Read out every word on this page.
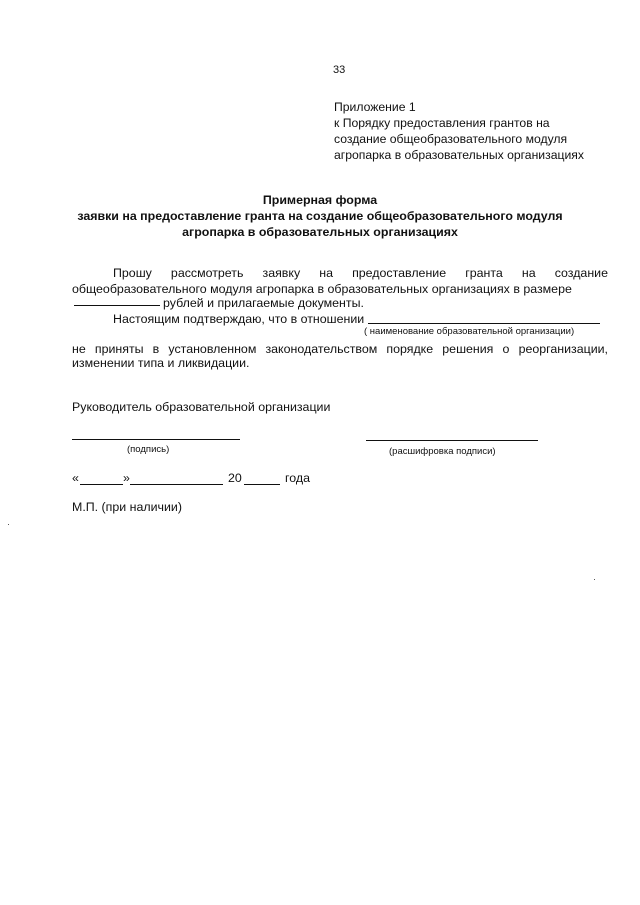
33
Приложение 1
к Порядку предоставления грантов на
создание общеобразовательного модуля
агропарка в образовательных организациях
Примерная форма
заявки на предоставление гранта на создание общеобразовательного модуля
агропарка в образовательных организациях
Прошу рассмотреть заявку на предоставление гранта на создание
общеобразовательного модуля агропарка в образовательных организациях в размере
рублей и прилагаемые документы.
Настоящим подтверждаю, что в отношении
( наименование образовательной организации)
не приняты в установленном законодательством порядке решения о реорганизации,
изменении типа и ликвидации.
Руководитель образовательной организации
(подпись)	(расшифровка подписи)
«	»	20	года
М.П. (при наличии)
